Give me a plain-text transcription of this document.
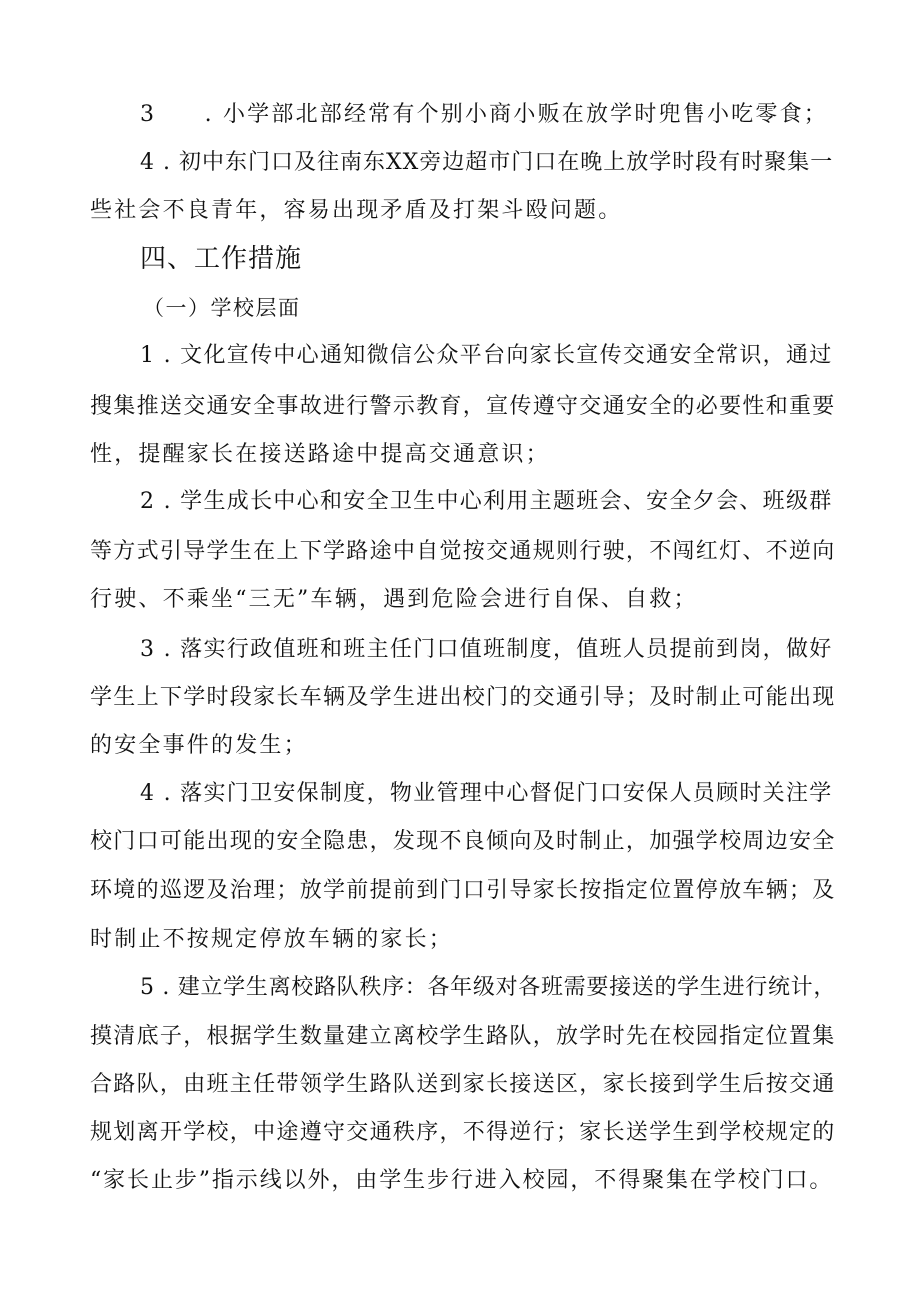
3　　. 小学部北部经常有个别小商小贩在放学时兜售小吃零食；
4 . 初中东门口及往南东XX旁边超市门口在晚上放学时段有时聚集一
些社会不良青年，容易出现矛盾及打架斗殴问题。
四、工作措施
（一）学校层面
1 . 文化宣传中心通知微信公众平台向家长宣传交通安全常识，通过
搜集推送交通安全事故进行警示教育，宣传遵守交通安全的必要性和重要
性，提醒家长在接送路途中提高交通意识；
2 . 学生成长中心和安全卫生中心利用主题班会、安全夕会、班级群
等方式引导学生在上下学路途中自觉按交通规则行驶，不闯红灯、不逆向
行驶、不乘坐“三无”车辆，遇到危险会进行自保、自救；
3 . 落实行政值班和班主任门口值班制度，值班人员提前到岗，做好
学生上下学时段家长车辆及学生进出校门的交通引导；及时制止可能出现
的安全事件的发生；
4 . 落实门卫安保制度，物业管理中心督促门口安保人员顾时关注学
校门口可能出现的安全隐患，发现不良倾向及时制止，加强学校周边安全
环境的巡逻及治理；放学前提前到门口引导家长按指定位置停放车辆；及
时制止不按规定停放车辆的家长；
5 . 建立学生离校路队秩序：各年级对各班需要接送的学生进行统计，
摸清底子，根据学生数量建立离校学生路队，放学时先在校园指定位置集
合路队，由班主任带领学生路队送到家长接送区，家长接到学生后按交通
规划离开学校，中途遵守交通秩序，不得逆行；家长送学生到学校规定的
“家长止步”指示线以外，由学生步行进入校园，不得聚集在学校门口。
